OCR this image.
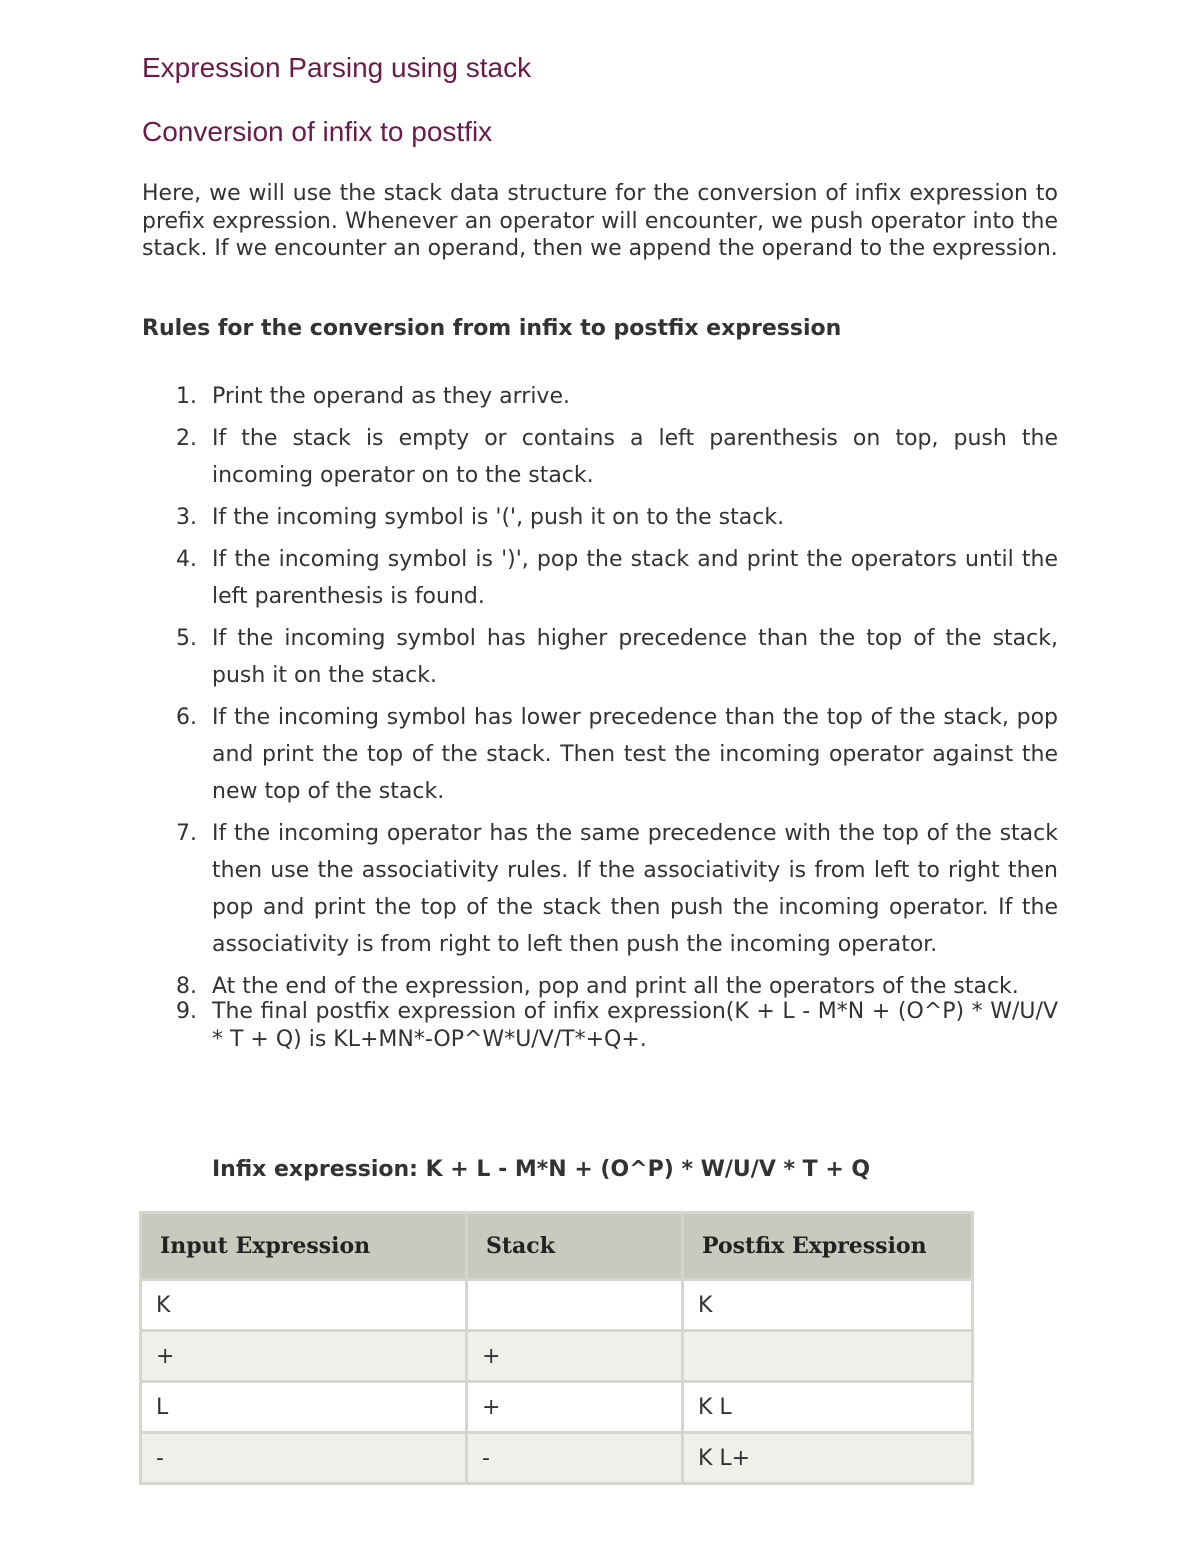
Expression Parsing using stack
Conversion of infix to postfix

Here, we will use the stack data structure for the conversion of infix expression to prefix expression. Whenever an operator will encounter, we push operator into the stack. If we encounter an operand, then we append the operand to the expression.

Rules for the conversion from infix to postfix expression

1. Print the operand as they arrive.
2. If the stack is empty or contains a left parenthesis on top, push the incoming operator on to the stack.
3. If the incoming symbol is '(', push it on to the stack.
4. If the incoming symbol is ')', pop the stack and print the operators until the left parenthesis is found.
5. If the incoming symbol has higher precedence than the top of the stack, push it on the stack.
6. If the incoming symbol has lower precedence than the top of the stack, pop and print the top of the stack. Then test the incoming operator against the new top of the stack.
7. If the incoming operator has the same precedence with the top of the stack then use the associativity rules. If the associativity is from left to right then pop and print the top of the stack then push the incoming operator. If the associativity is from right to left then push the incoming operator.
8. At the end of the expression, pop and print all the operators of the stack.
9. The final postfix expression of infix expression(K + L - M*N + (O^P) * W/U/V * T + Q) is KL+MN*-OP^W*U/V/T*+Q+.

Infix expression: K + L - M*N + (O^P) * W/U/V * T + Q

Input Expression	Stack	Postfix Expression
K		K
+	+	
L	+	K L
-	-	K L+
